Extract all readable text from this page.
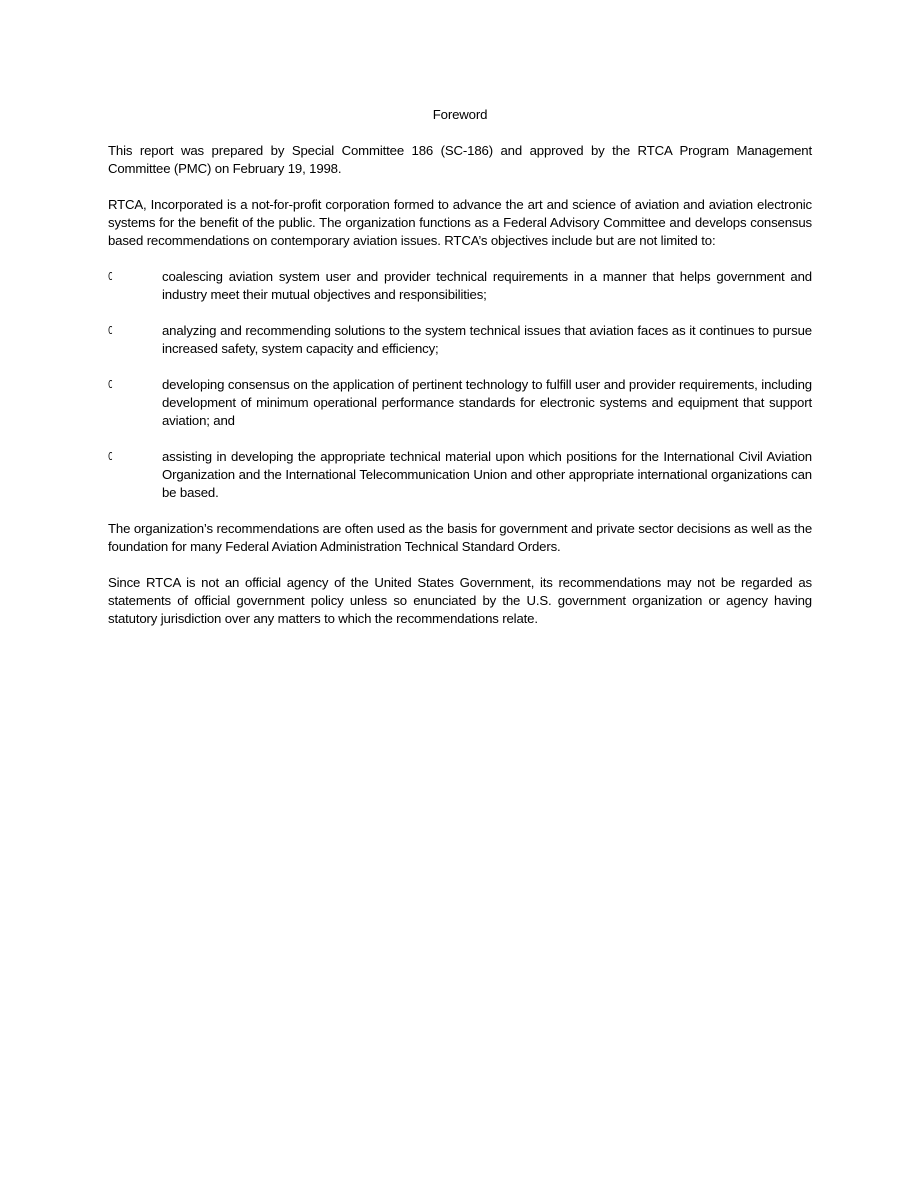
Foreword

This report was prepared by Special Committee 186 (SC-186) and approved by the RTCA Program Management Committee (PMC) on February 19, 1998.

RTCA, Incorporated is a not-for-profit corporation formed to advance the art and science of aviation and aviation electronic systems for the benefit of the public. The organization functions as a Federal Advisory Committee and develops consensus based recommendations on contemporary aviation issues. RTCA’s objectives include but are not limited to:

C	coalescing aviation system user and provider technical requirements in a manner that helps government and industry meet their mutual objectives and responsibilities;
C	analyzing and recommending solutions to the system technical issues that aviation faces as it continues to pursue increased safety, system capacity and efficiency;
C	developing consensus on the application of pertinent technology to fulfill user and provider requirements, including development of minimum operational performance standards for electronic systems and equipment that support aviation; and
C	assisting in developing the appropriate technical material upon which positions for the International Civil Aviation Organization and the International Telecommunication Union and other appropriate international organizations can be based.

The organization’s recommendations are often used as the basis for government and private sector decisions as well as the foundation for many Federal Aviation Administration Technical Standard Orders.

Since RTCA is not an official agency of the United States Government, its recommendations may not be regarded as statements of official government policy unless so enunciated by the U.S. government organization or agency having statutory jurisdiction over any matters to which the recommendations relate.
